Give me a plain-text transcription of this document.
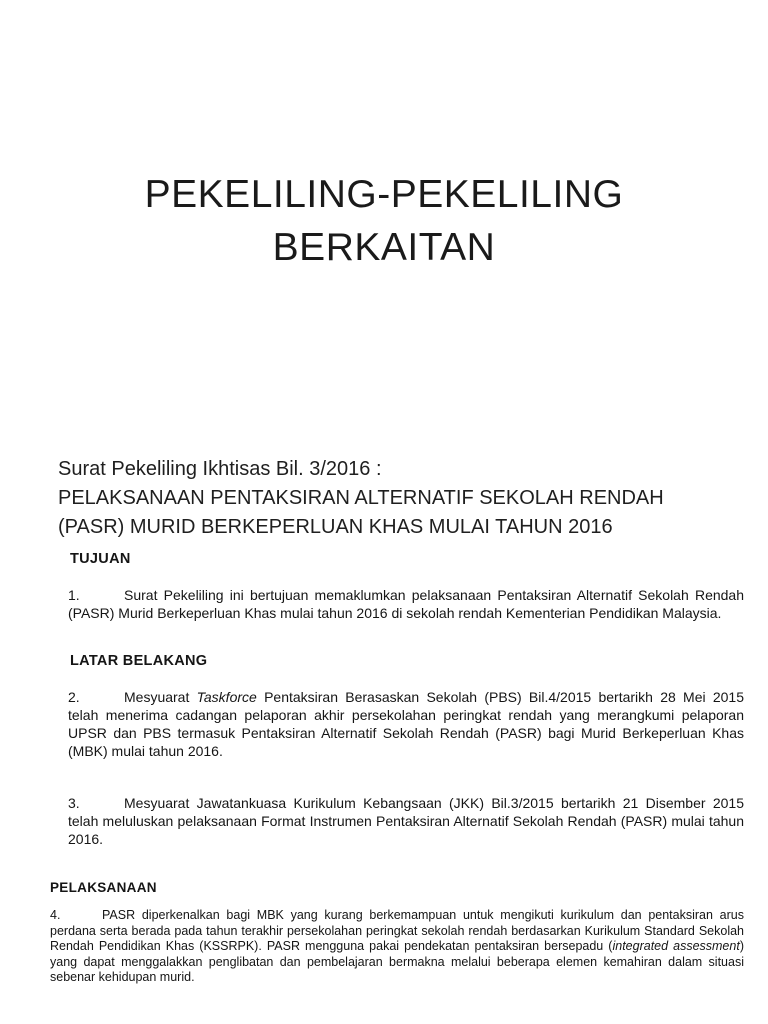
PEKELILING-PEKELILING
BERKAITAN
Surat Pekeliling Ikhtisas Bil. 3/2016 :
PELAKSANAAN PENTAKSIRAN ALTERNATIF SEKOLAH RENDAH
(PASR) MURID BERKEPERLUAN KHAS MULAI TAHUN 2016
TUJUAN

1.	Surat Pekeliling ini bertujuan memaklumkan pelaksanaan Pentaksiran Alternatif Sekolah Rendah (PASR) Murid Berkeperluan Khas mulai tahun 2016 di sekolah rendah Kementerian Pendidikan Malaysia.

LATAR BELAKANG

2.	Mesyuarat Taskforce Pentaksiran Berasaskan Sekolah (PBS) Bil.4/2015 bertarikh 28 Mei 2015 telah menerima cadangan pelaporan akhir persekolahan peringkat rendah yang merangkumi pelaporan UPSR dan PBS termasuk Pentaksiran Alternatif Sekolah Rendah (PASR) bagi Murid Berkeperluan Khas (MBK) mulai tahun 2016.

3.	Mesyuarat Jawatankuasa Kurikulum Kebangsaan (JKK) Bil.3/2015 bertarikh 21 Disember 2015 telah meluluskan pelaksanaan Format Instrumen Pentaksiran Alternatif Sekolah Rendah (PASR) mulai tahun 2016.

PELAKSANAAN

4.	PASR diperkenalkan bagi MBK yang kurang berkemampuan untuk mengikuti kurikulum dan pentaksiran arus perdana serta berada pada tahun terakhir persekolahan peringkat sekolah rendah berdasarkan Kurikulum Standard Sekolah Rendah Pendidikan Khas (KSSRPK). PASR mengguna pakai pendekatan pentaksiran bersepadu (integrated assessment) yang dapat menggalakkan penglibatan dan pembelajaran bermakna melalui beberapa elemen kemahiran dalam situasi sebenar kehidupan murid.
